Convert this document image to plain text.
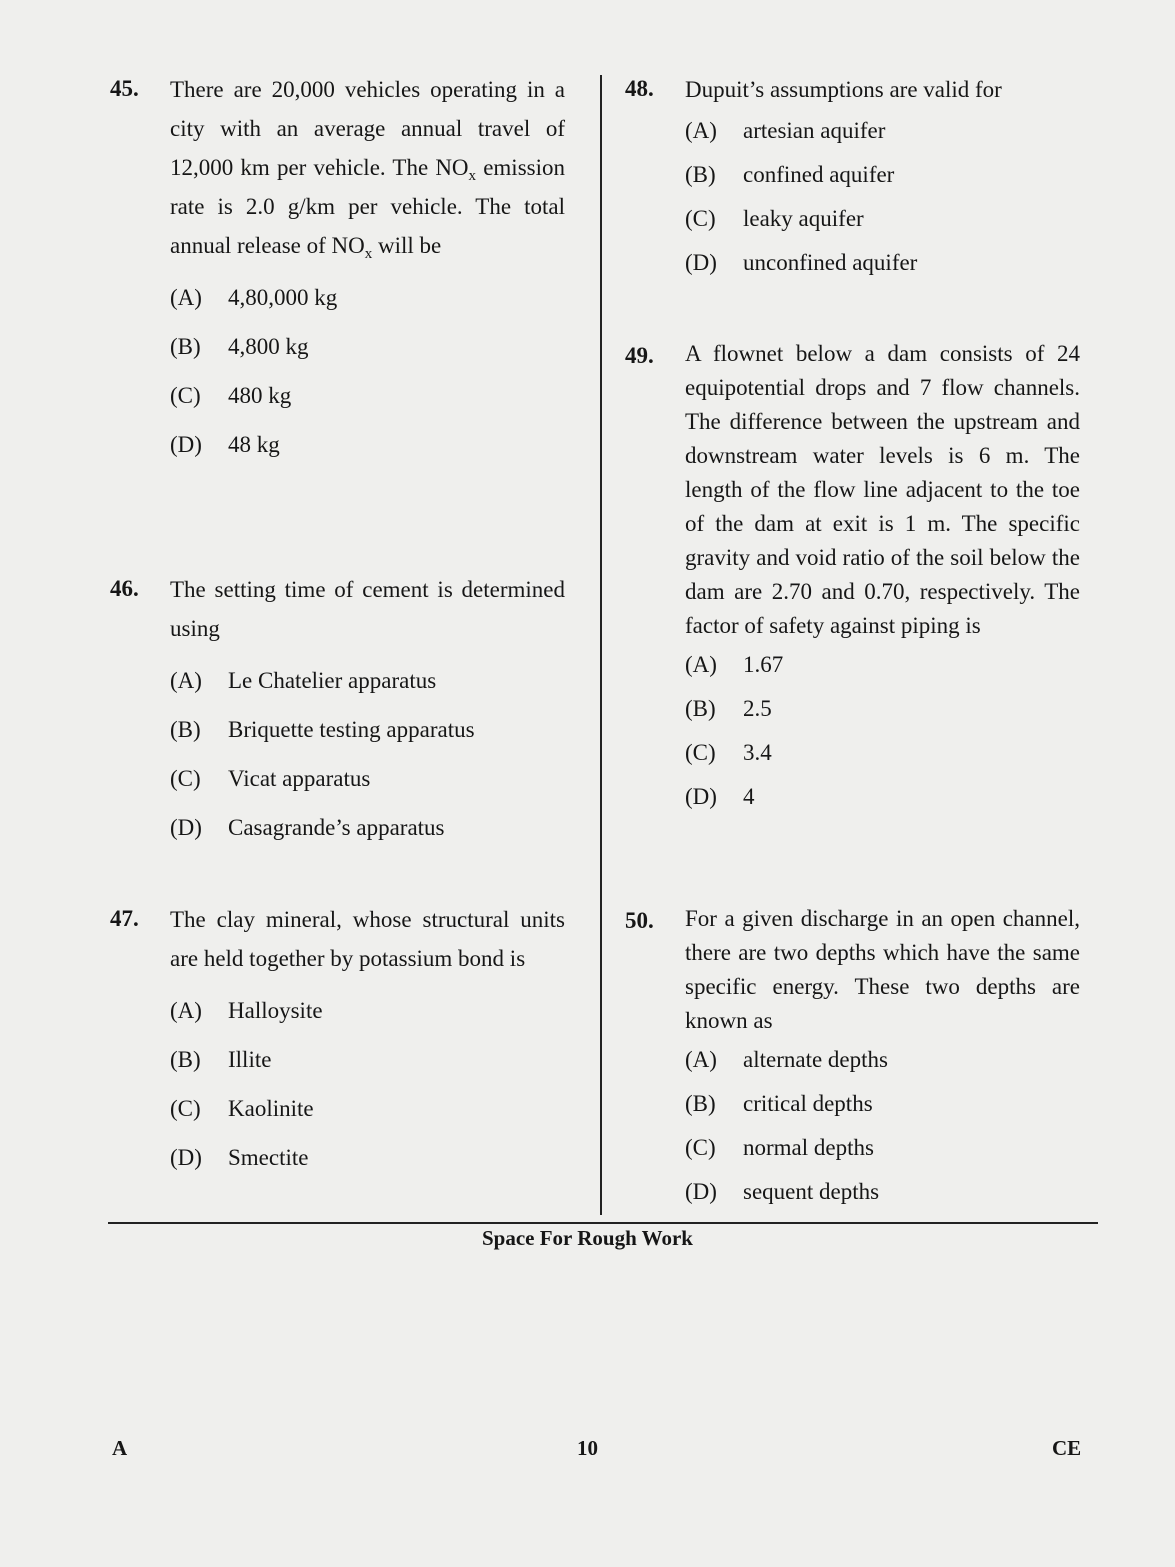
45.	There are 20,000 vehicles operating in a city with an average annual travel of 12,000 km per vehicle. The $NO_x$ emission rate is 2.0 g/km per vehicle. The total annual release of $NO_x$ will be
(A)	4,80,000 kg
(B)	4,800 kg
(C)	480 kg
(D)	48 kg
46.	The setting time of cement is determined using
(A)	Le Chatelier apparatus
(B)	Briquette testing apparatus
(C)	Vicat apparatus
(D)	Casagrande’s apparatus
47.	The clay mineral, whose structural units are held together by potassium bond is
(A)	Halloysite
(B)	Illite
(C)	Kaolinite
(D)	Smectite
48.	Dupuit’s assumptions are valid for
(A)	artesian aquifer
(B)	confined aquifer
(C)	leaky aquifer
(D)	unconfined aquifer
49.	A flownet below a dam consists of 24 equipotential drops and 7 flow channels. The difference between the upstream and downstream water levels is 6 m. The length of the flow line adjacent to the toe of the dam at exit is 1 m. The specific gravity and void ratio of the soil below the dam are 2.70 and 0.70, respectively. The factor of safety against piping is
(A)	1.67
(B)	2.5
(C)	3.4
(D)	4
50.	For a given discharge in an open channel, there are two depths which have the same specific energy. These two depths are known as
(A)	alternate depths
(B)	critical depths
(C)	normal depths
(D)	sequent depths
Space For Rough Work
A	10	CE
